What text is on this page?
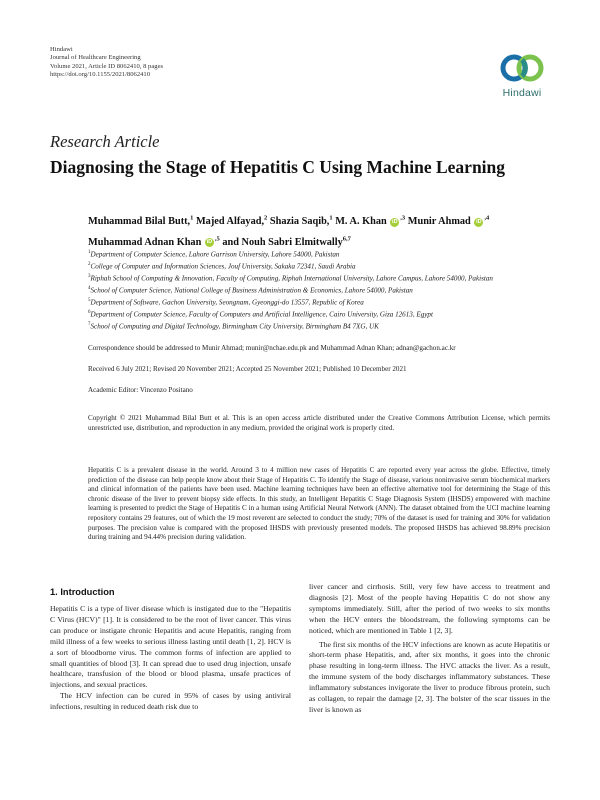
Hindawi
Journal of Healthcare Engineering
Volume 2021, Article ID 8062410, 8 pages
https://doi.org/10.1155/2021/8062410
Hindawi
Research Article
Diagnosing the Stage of Hepatitis C Using Machine Learning
Muhammad Bilal Butt,$^1$ Majed Alfayad,$^2$ Shazia Saqib,$^1$ M. A. Khan iD $^{,3}$ Munir Ahmad iD $^{,4}$
Muhammad Adnan Khan iD $^{,5}$ and Nouh Sabri Elmitwally$^{6,7}$
$^1$Department of Computer Science, Lahore Garrison University, Lahore 54000, Pakistan
$^2$College of Computer and Information Sciences, Jouf University, Sakaka 72341, Saudi Arabia
$^3$Riphah School of Computing & Innovation, Faculty of Computing, Riphah International University, Lahore Campus, Lahore 54000, Pakistan
$^4$School of Computer Science, National College of Business Administration & Economics, Lahore 54000, Pakistan
$^5$Department of Software, Gachon University, Seongnam, Gyeonggi-do 13557, Republic of Korea
$^6$Department of Computer Science, Faculty of Computers and Artificial Intelligence, Cairo University, Giza 12613, Egypt
$^7$School of Computing and Digital Technology, Birmingham City University, Birmingham B4 7XG, UK
Correspondence should be addressed to Munir Ahmad; munir@nchae.edu.pk and Muhammad Adnan Khan; adnan@gachon.ac.kr
Received 6 July 2021; Revised 20 November 2021; Accepted 25 November 2021; Published 10 December 2021
Academic Editor: Vincenzo Positano
Copyright © 2021 Muhammad Bilal Butt et al. This is an open access article distributed under the Creative Commons Attribution License, which permits unrestricted use, distribution, and reproduction in any medium, provided the original work is properly cited.
Hepatitis C is a prevalent disease in the world. Around 3 to 4 million new cases of Hepatitis C are reported every year across the globe. Effective, timely prediction of the disease can help people know about their Stage of Hepatitis C. To identify the Stage of disease, various noninvasive serum biochemical markers and clinical information of the patients have been used. Machine learning techniques have been an effective alternative tool for determining the Stage of this chronic disease of the liver to prevent biopsy side effects. In this study, an Intelligent Hepatitis C Stage Diagnosis System (IHSDS) empowered with machine learning is presented to predict the Stage of Hepatitis C in a human using Artificial Neural Network (ANN). The dataset obtained from the UCI machine learning repository contains 29 features, out of which the 19 most reverent are selected to conduct the study; 70% of the dataset is used for training and 30% for validation purposes. The precision value is compared with the proposed IHSDS with previously presented models. The proposed IHSDS has achieved 98.89% precision during training and 94.44% precision during validation.
1. Introduction

Hepatitis C is a type of liver disease which is instigated due to the "Hepatitis C Virus (HCV)" [1]. It is considered to be the root of liver cancer. This virus can produce or instigate chronic Hepatitis and acute Hepatitis, ranging from mild illness of a few weeks to serious illness lasting until death [1, 2]. HCV is a sort of bloodborne virus. The common forms of infection are applied to small quantities of blood [3]. It can spread due to used drug injection, unsafe healthcare, transfusion of the blood or blood plasma, unsafe practices of injections, and sexual practices.

The HCV infection can be cured in 95% of cases by using antiviral infections, resulting in reduced death risk due to

liver cancer and cirrhosis. Still, very few have access to treatment and diagnosis [2]. Most of the people having Hepatitis C do not show any symptoms immediately. Still, after the period of two weeks to six months when the HCV enters the bloodstream, the following symptoms can be noticed, which are mentioned in Table 1 [2, 3].

The first six months of the HCV infections are known as acute Hepatitis or short-term phase Hepatitis, and, after six months, it goes into the chronic phase resulting in long-term illness. The HVC attacks the liver. As a result, the immune system of the body discharges inflammatory substances. These inflammatory substances invigorate the liver to produce fibrous protein, such as collagen, to repair the damage [2, 3]. The bolster of the scar tissues in the liver is known as
